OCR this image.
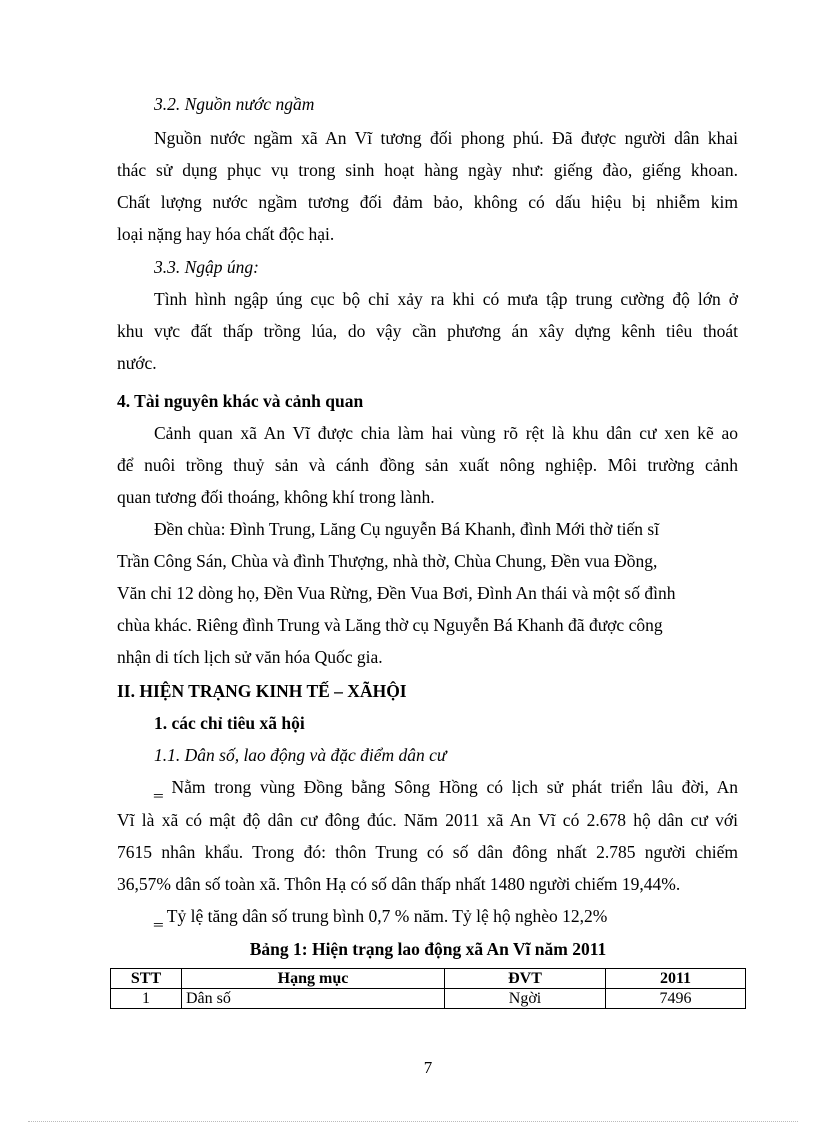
3.2. Nguồn nước ngầm
Nguồn nước ngầm xã An Vĩ tương đối phong phú. Đã được người dân khai
thác sử dụng phục vụ trong sinh hoạt hàng ngày như: giếng đào, giếng khoan.
Chất lượng nước ngầm tương đối đảm bảo, không có dấu hiệu bị nhiễm kim
loại nặng hay hóa chất độc hại.
3.3. Ngập úng:
Tình hình ngập úng cục bộ chỉ xảy ra khi có mưa tập trung cường độ lớn ở
khu vực đất thấp trồng lúa, do vậy cần phương án xây dựng kênh tiêu thoát
nước.
4. Tài nguyên khác và cảnh quan
Cảnh quan xã An Vĩ được chia làm hai vùng rõ rệt là khu dân cư xen kẽ ao
để nuôi trồng thuỷ sản và cánh đồng sản xuất nông nghiệp. Môi trường cảnh
quan tương đối thoáng, không khí trong lành.
Đền chùa: Đình Trung, Lăng Cụ nguyễn Bá Khanh, đình Mới thờ tiến sĩ
Trần Công Sán, Chùa và đình Thượng, nhà thờ, Chùa Chung, Đền vua Đồng,
Văn chỉ 12 dòng họ, Đền Vua Rừng, Đền Vua Bơi, Đình An thái và một số đình
chùa khác. Riêng đình Trung và Lăng thờ cụ Nguyễn Bá Khanh đã được công
nhận di tích lịch sử văn hóa Quốc gia.
II. HIỆN TRẠNG KINH TẾ – XÃHỘI
1. các chỉ tiêu xã hội
1.1. Dân số, lao động và đặc điểm dân cư
‗ Nằm trong vùng Đồng bằng Sông Hồng có lịch sử phát triển lâu đời, An
Vĩ là xã có mật độ dân cư đông đúc. Năm 2011 xã An Vĩ có 2.678 hộ dân cư với
7615 nhân khẩu. Trong đó: thôn Trung có số dân đông nhất 2.785 người chiếm
36,57% dân số toàn xã. Thôn Hạ có số dân thấp nhất 1480 người chiếm 19,44%.
‗ Tỷ lệ tăng dân số trung bình 0,7 % năm. Tỷ lệ hộ nghèo 12,2%
Bảng 1: Hiện trạng lao động xã An Vĩ năm 2011
STT	Hạng mục	ĐVT	2011
1	Dân số	Ngời	7496
7
